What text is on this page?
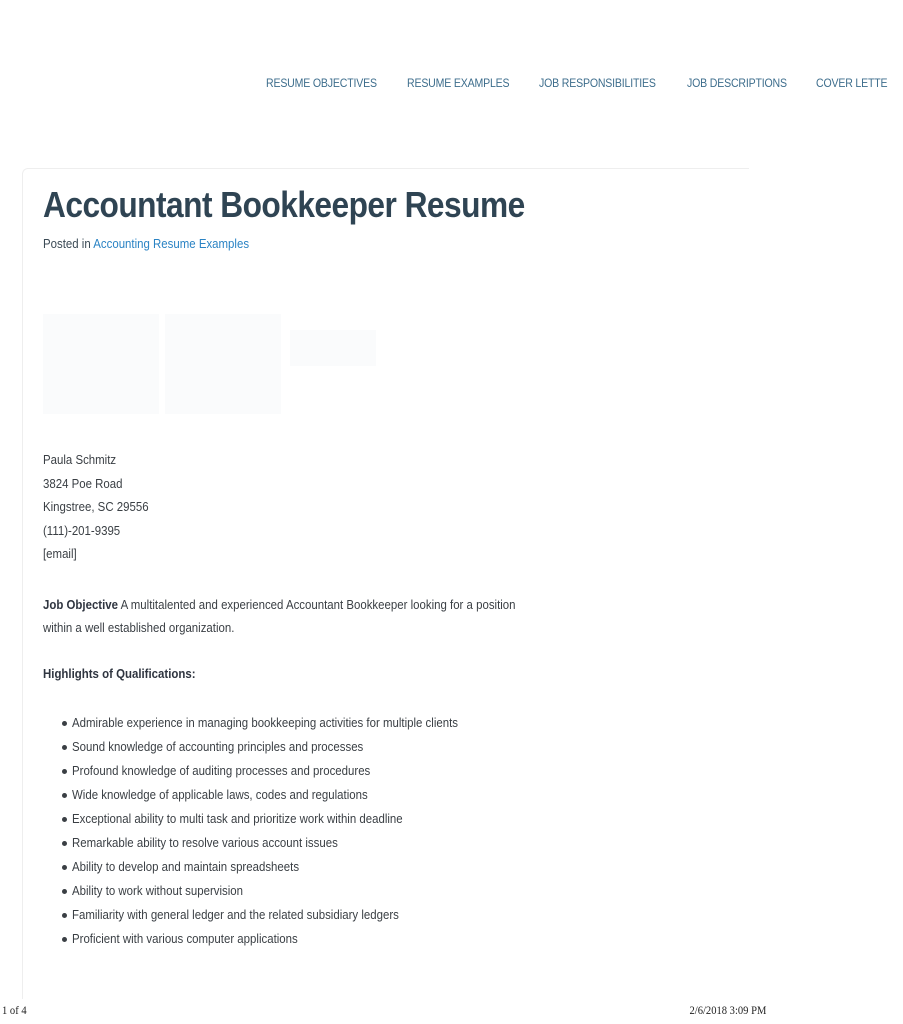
RESUME OBJECTIVES	RESUME EXAMPLES JOB RESPONSIBILITIES	JOB DESCRIPTIONS COVER LETTE
Accountant Bookkeeper Resume
Posted in Accounting Resume Examples
Paula Schmitz
3824 Poe Road
Kingstree, SC 29556
(111)-201-9395
[email]
Job Objective A multitalented and experienced Accountant Bookkeeper looking for a position within a well established organization.
Highlights of Qualifications:
Admirable experience in managing bookkeeping activities for multiple clients
Sound knowledge of accounting principles and processes
Profound knowledge of auditing processes and procedures
Wide knowledge of applicable laws, codes and regulations
Exceptional ability to multi task and prioritize work within deadline
Remarkable ability to resolve various account issues
Ability to develop and maintain spreadsheets
Ability to work without supervision
Familiarity with general ledger and the related subsidiary ledgers
Proficient with various computer applications
1 of 4	2/6/2018 3:09 PM
